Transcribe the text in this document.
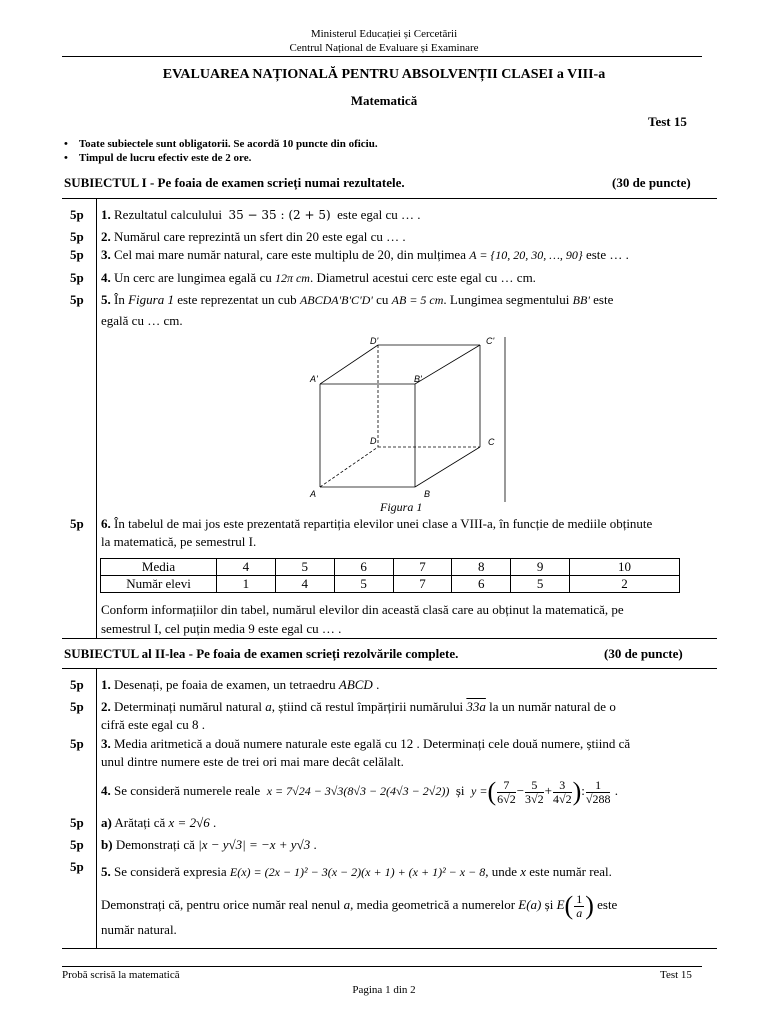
Ministerul Educației și Cercetării
Centrul Național de Evaluare și Examinare
EVALUAREA NAȚIONALĂ PENTRU ABSOLVENȚII CLASEI a VIII-a
Matematică
Test 15
•    Toate subiectele sunt obligatorii. Se acordă 10 puncte din oficiu.
•    Timpul de lucru efectiv este de 2 ore.
SUBIECTUL I - Pe foaia de examen scrieți numai rezultatele.	(30 de puncte)
5p	1. Rezultatul calculului 35 − 35 : (2 + 5) este egal cu … .
5p	2. Numărul care reprezintă un sfert din 20 este egal cu … .
5p	3. Cel mai mare număr natural, care este multiplu de 20, din mulțimea A = {10, 20, 30, …, 90} este … .
5p	4. Un cerc are lungimea egală cu 12π cm. Diametrul acestui cerc este egal cu … cm.
5p	5. În Figura 1 este reprezentat un cub ABCDA'B'C'D' cu AB = 5 cm. Lungimea segmentului BB' este
egală cu … cm.
A'	B'
D'	C'
D	C
A	B
Figura 1
5p	6. În tabelul de mai jos este prezentată repartiția elevilor unei clase a VIII-a, în funcție de mediile obținute
la matematică, pe semestrul I.
Media	4	5	6	7	8	9	10
Număr elevi	1	4	5	7	6	5	2
Conform informațiilor din tabel, numărul elevilor din această clasă care au obținut la matematică, pe
semestrul I, cel puțin media 9 este egal cu … .
SUBIECTUL al II-lea - Pe foaia de examen scrieți rezolvările complete.	(30 de puncte)
5p	1. Desenați, pe foaia de examen, un tetraedru ABCD .
5p	2. Determinați numărul natural a, știind că restul împărțirii numărului 33a la un număr natural de o
cifră este egal cu 8 .
5p	3. Media aritmetică a două numere naturale este egală cu 12 . Determinați cele două numere, știind că
unul dintre numere este de trei ori mai mare decât celălalt.
4. Se consideră numerele reale x = 7√24 − 3√3(8√3 − 2(4√3 − 2√2)) și y =( $\frac{7}{6√2} - \frac{5}{3√2} + \frac{3}{4√2}$ ): $\frac{1}{√288}$ .
5p	a) Arătați că x = 2√6 .
5p	b) Demonstrați că |x − y√3| = −x + y√3 .
5p	5. Se consideră expresia E(x) = (2x − 1)² − 3(x − 2)(x + 1) + (x + 1)² − x − 8, unde x este număr real.
Demonstrați că, pentru orice număr real nenul a, media geometrică a numerelor E(a) și $E( \frac{1}{a}$ ) este
număr natural.
Probă scrisă la matematică	Test 15
Pagina 1 din 2
